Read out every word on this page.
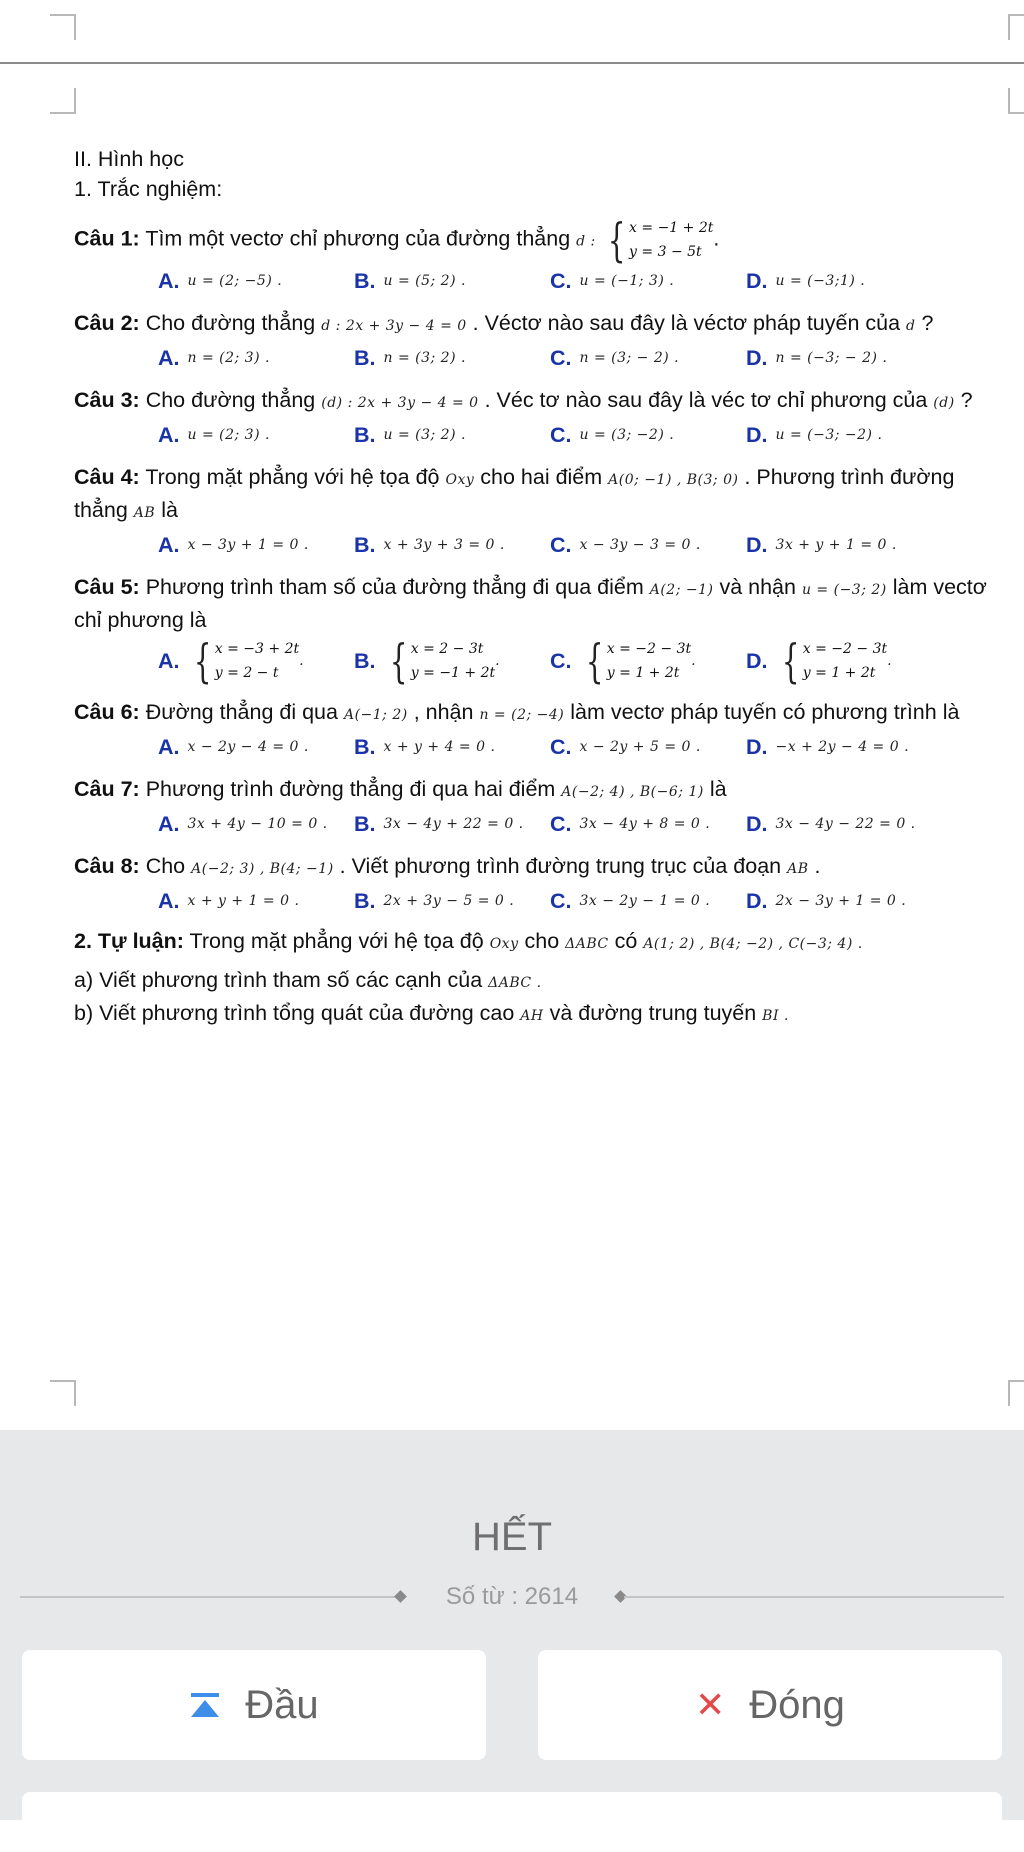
II. Hình học

1. Trắc nghiệm:

Câu 1: Tìm một vectơ chỉ phương của đường thẳng d : { x = −1 + 2t
y = 3 − 5t
.

A. u = (2; −5) .	B. u = (5; 2) .	C. u = (−1; 3) .	D. u = (−3;1) .

Câu 2: Cho đường thẳng d : 2x + 3y − 4 = 0 . Véctơ nào sau đây là véctơ pháp tuyến của d ?

A. n = (2; 3) .	B. n = (3; 2) .	C. n = (3; − 2) .	D. n = (−3; − 2) .

Câu 3: Cho đường thẳng (d) : 2x + 3y − 4 = 0 . Véc tơ nào sau đây là véc tơ chỉ phương của (d) ?

A. u = (2; 3) .	B. u = (3; 2) .	C. u = (3; −2) .	D. u = (−3; −2) .

Câu 4: Trong mặt phẳng với hệ tọa độ Oxy cho hai điểm A(0; −1) , B(3; 0) . Phương trình đường thẳng AB là

A. x − 3y + 1 = 0 . B. x + 3y + 3 = 0 . C. x − 3y − 3 = 0 . D. 3x + y + 1 = 0 .

Câu 5: Phương trình tham số của đường thẳng đi qua điểm A(2; −1) và nhận u = (−3; 2) làm vectơ chỉ phương là

A. { x = −3 + 2t
y = 2 − t
. B. { x = 2 − 3t
y = −1 + 2t
. C. { x = −2 − 3t
y = 1 + 2t
. D. { x = −2 − 3t
y = 1 + 2t
.

Câu 6: Đường thẳng đi qua A(−1; 2) , nhận n = (2; −4) làm vectơ pháp tuyến có phương trình là

A. x − 2y − 4 = 0 . B. x + y + 4 = 0 .	C. x − 2y + 5 = 0 . D. −x + 2y − 4 = 0 .

Câu 7: Phương trình đường thẳng đi qua hai điểm A(−2; 4) , B(−6; 1) là

A. 3x + 4y − 10 = 0 . B. 3x − 4y + 22 = 0 . C. 3x − 4y + 8 = 0 . D. 3x − 4y − 22 = 0 .

Câu 8: Cho A(−2; 3) , B(4; −1) . Viết phương trình đường trung trục của đoạn AB .

A. x + y + 1 = 0 .	B. 2x + 3y − 5 = 0 . C. 3x − 2y − 1 = 0 . D. 2x − 3y + 1 = 0 .

2. Tự luận: Trong mặt phẳng với hệ tọa độ Oxy cho ΔABC có A(1; 2) , B(4; −2) , C(−3; 4) .

a) Viết phương trình tham số các cạnh của ΔABC .

b) Viết phương trình tổng quát của đường cao AH và đường trung tuyến BI .

HẾT
Số từ : 2614
Đầu	✕ Đóng
